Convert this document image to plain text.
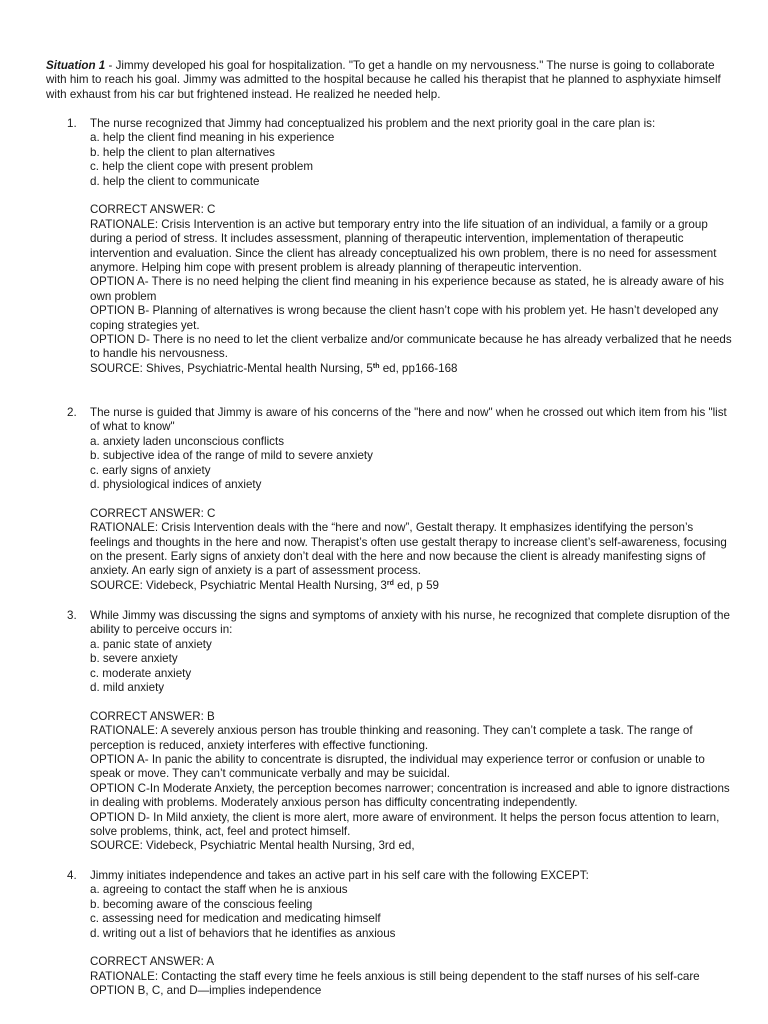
Situation 1 - Jimmy developed his goal for hospitalization. "To get a handle on my nervousness." The nurse is going to collaborate with him to reach his goal. Jimmy was admitted to the hospital because he called his therapist that he planned to asphyxiate himself with exhaust from his car but frightened instead. He realized he needed help.
1. The nurse recognized that Jimmy had conceptualized his problem and the next priority goal in the care plan is:
a. help the client find meaning in his experience
b. help the client to plan alternatives
c. help the client cope with present problem
d. help the client to communicate
CORRECT ANSWER: C
RATIONALE: Crisis Intervention is an active but temporary entry into the life situation of an individual, a family or a group during a period of stress. It includes assessment, planning of therapeutic intervention, implementation of therapeutic intervention and evaluation. Since the client has already conceptualized his own problem, there is no need for assessment anymore. Helping him cope with present problem is already planning of therapeutic intervention.
OPTION A- There is no need helping the client find meaning in his experience because as stated, he is already aware of his own problem
OPTION B- Planning of alternatives is wrong because the client hasn’t cope with his problem yet. He hasn’t developed any coping strategies yet.
OPTION D- There is no need to let the client verbalize and/or communicate because he has already verbalized that he needs to handle his nervousness.
SOURCE: Shives, Psychiatric-Mental health Nursing, 5th ed, pp166-168
2. The nurse is guided that Jimmy is aware of his concerns of the "here and now" when he crossed out which item from his "list of what to know"
a. anxiety laden unconscious conflicts
b. subjective idea of the range of mild to severe anxiety
c. early signs of anxiety
d. physiological indices of anxiety
CORRECT ANSWER: C
RATIONALE: Crisis Intervention deals with the “here and now”, Gestalt therapy. It emphasizes identifying the person’s feelings and thoughts in the here and now. Therapist’s often use gestalt therapy to increase client’s self-awareness, focusing on the present. Early signs of anxiety don’t deal with the here and now because the client is already manifesting signs of anxiety. An early sign of anxiety is a part of assessment process.
SOURCE: Videbeck, Psychiatric Mental Health Nursing, 3rd ed, p 59
3. While Jimmy was discussing the signs and symptoms of anxiety with his nurse, he recognized that complete disruption of the ability to perceive occurs in:
a. panic state of anxiety
b. severe anxiety
c. moderate anxiety
d. mild anxiety
CORRECT ANSWER: B
RATIONALE: A severely anxious person has trouble thinking and reasoning. They can’t complete a task. The range of perception is reduced, anxiety interferes with effective functioning.
OPTION A- In panic the ability to concentrate is disrupted, the individual may experience terror or confusion or unable to speak or move. They can’t communicate verbally and may be suicidal.
OPTION C-In Moderate Anxiety, the perception becomes narrower; concentration is increased and able to ignore distractions in dealing with problems. Moderately anxious person has difficulty concentrating independently.
OPTION D- In Mild anxiety, the client is more alert, more aware of environment. It helps the person focus attention to learn, solve problems, think, act, feel and protect himself.
SOURCE: Videbeck, Psychiatric Mental health Nursing, 3rd ed,
4. Jimmy initiates independence and takes an active part in his self care with the following EXCEPT:
a. agreeing to contact the staff when he is anxious
b. becoming aware of the conscious feeling
c. assessing need for medication and medicating himself
d. writing out a list of behaviors that he identifies as anxious
CORRECT ANSWER: A
RATIONALE: Contacting the staff every time he feels anxious is still being dependent to the staff nurses of his self-care
OPTION B, C, and D—implies independence
